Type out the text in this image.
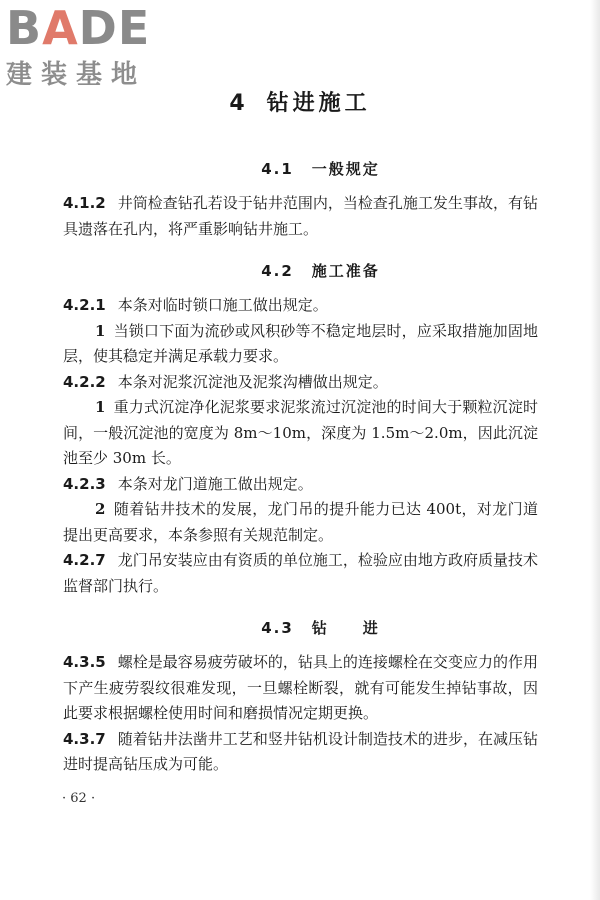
BADE
建装基地
4 钻进施工
4.1 一般规定

4.1.2 井筒检查钻孔若设于钻井范围内，当检查孔施工发生事故，有钻具遗落在孔内，将严重影响钻井施工。

4.2 施工准备

4.2.1 本条对临时锁口施工做出规定。

1 当锁口下面为流砂或风积砂等不稳定地层时，应采取措施加固地层，使其稳定并满足承载力要求。

4.2.2 本条对泥浆沉淀池及泥浆沟槽做出规定。

1 重力式沉淀净化泥浆要求泥浆流过沉淀池的时间大于颗粒沉淀时间，一般沉淀池的宽度为 8m～10m，深度为 1.5m～2.0m，因此沉淀池至少 30m 长。

4.2.3 本条对龙门道施工做出规定。

2 随着钻井技术的发展，龙门吊的提升能力已达 400t，对龙门道提出更高要求，本条参照有关规范制定。

4.2.7 龙门吊安装应由有资质的单位施工，检验应由地方政府质量技术监督部门执行。

4.3 钻　　进

4.3.5 螺栓是最容易疲劳破坏的，钻具上的连接螺栓在交变应力的作用下产生疲劳裂纹很难发现，一旦螺栓断裂，就有可能发生掉钻事故，因此要求根据螺栓使用时间和磨损情况定期更换。

4.3.7 随着钻井法凿井工艺和竖井钻机设计制造技术的进步，在减压钻进时提高钻压成为可能。

· 62 ·
